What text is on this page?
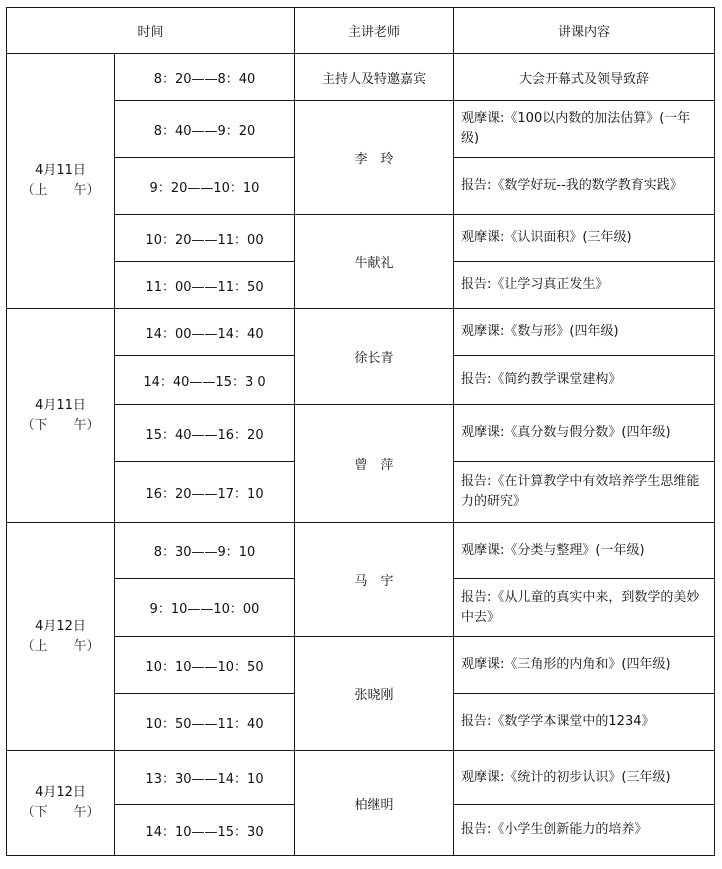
时间		主讲老师	讲课内容

4月11日
（上　　午）	8：20——8：40	主持人及特邀嘉宾	大会开幕式及领导致辞
	8：40——9：20	李　玲	观摩课:《100以内数的加法估算》(一年级)
	9：20——10：10		报告:《数学好玩--我的数学教育实践》
	10：20——11：00	牛献礼	观摩课:《认识面积》(三年级)
	11：00——11：50		报告:《让学习真正发生》

4月11日
（下　　午）	14：00——14：40	徐长青	观摩课:《数与形》(四年级)
	14：40——15：3 0		报告:《简约教学课堂建构》
	15：40——16：20	曾　萍	观摩课:《真分数与假分数》(四年级)
	16：20——17：10		报告:《在计算教学中有效培养学生思维能力的研究》

4月12日
（上　　午）	8：30——9：10	马　宇	观摩课:《分类与整理》(一年级)
	9：10——10：00		报告:《从儿童的真实中来，到数学的美妙中去》
	10：10——10：50	张晓刚	观摩课:《三角形的内角和》(四年级)
	10：50——11：40		报告:《数学学本课堂中的1234》

4月12日
（下　　午）	13：30——14：10	柏继明	观摩课:《统计的初步认识》(三年级)
	14：10——15：30		报告:《小学生创新能力的培养》
